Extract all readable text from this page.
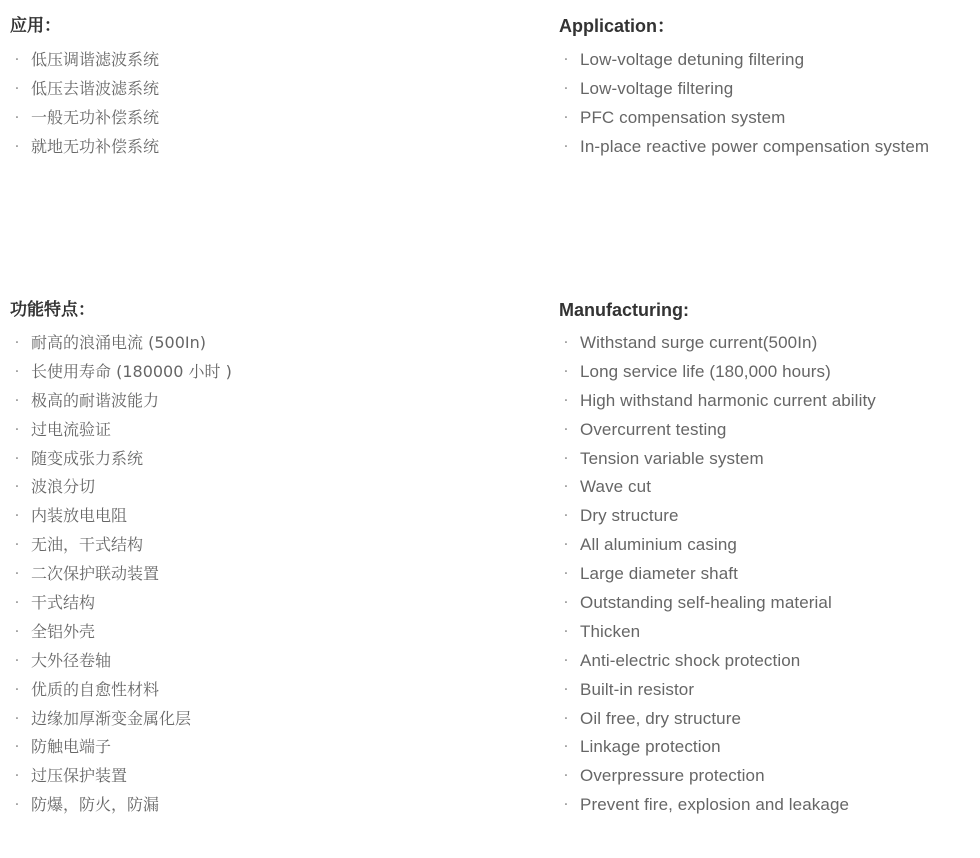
应用：
· 低压调谐滤波系统
· 低压去谐波滤系统
· 一般无功补偿系统
· 就地无功补偿系统
Application：
· Low-voltage detuning filtering
· Low-voltage filtering
· PFC compensation system
· In-place reactive power compensation system
功能特点：
· 耐高的浪涌电流 (500In)
· 长使用寿命 (180000 小时 )
· 极高的耐谐波能力
· 过电流验证
· 随变成张力系统
· 波浪分切
· 内装放电电阻
· 无油，干式结构
· 二次保护联动装置
· 干式结构
· 全铝外壳
· 大外径卷轴
· 优质的自愈性材料
· 边缘加厚渐变金属化层
· 防触电端子
· 过压保护装置
· 防爆，防火，防漏
Manufacturing:
· Withstand surge current(500In)
· Long service life (180,000 hours)
· High withstand harmonic current ability
· Overcurrent testing
· Tension variable system
· Wave cut
· Dry structure
· All aluminium casing
· Large diameter shaft
· Outstanding self-healing material
· Thicken
· Anti-electric shock protection
· Built-in resistor
· Oil free, dry structure
· Linkage protection
· Overpressure protection
· Prevent fire, explosion and leakage
